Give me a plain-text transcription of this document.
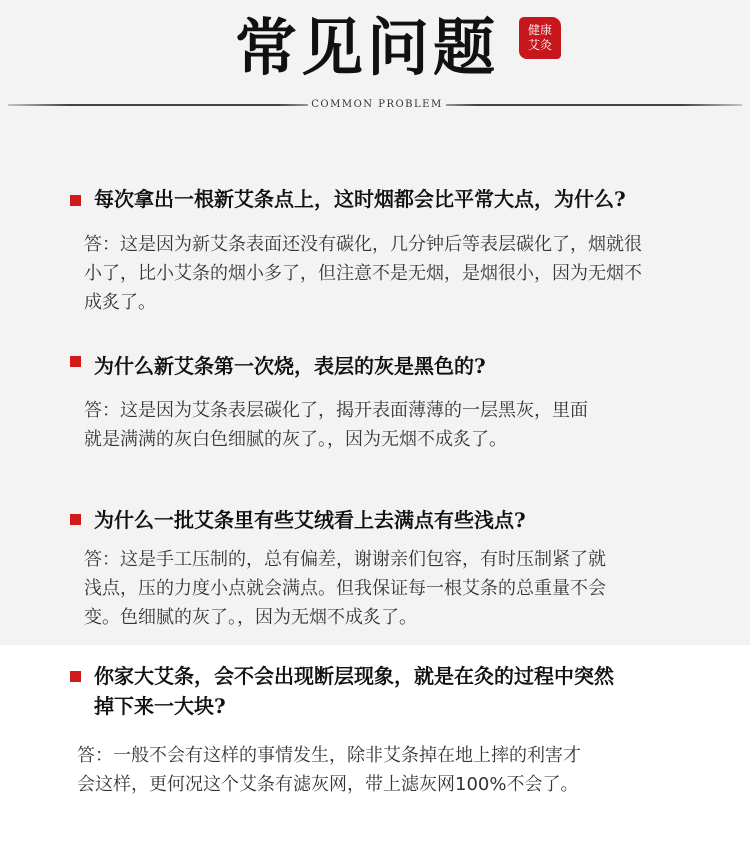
常见问题	健康
艾灸
COMMON PROBLEM
每次拿出一根新艾条点上，这时烟都会比平常大点，为什么?
答：这是因为新艾条表面还没有碳化，几分钟后等表层碳化了，烟就很
小了，比小艾条的烟小多了，但注意不是无烟，是烟很小，因为无烟不
成炙了。
为什么新艾条第一次烧，表层的灰是黑色的?
答：这是因为艾条表层碳化了，揭开表面薄薄的一层黑灰，里面
就是满满的灰白色细腻的灰了。，因为无烟不成炙了。
为什么一批艾条里有些艾绒看上去满点有些浅点?
答：这是手工压制的，总有偏差，谢谢亲们包容，有时压制紧了就
浅点，压的力度小点就会满点。但我保证每一根艾条的总重量不会
变。色细腻的灰了。，因为无烟不成炙了。
你家大艾条，会不会出现断层现象，就是在灸的过程中突然
掉下来一大块?
答：一般不会有这样的事情发生，除非艾条掉在地上摔的利害才
会这样，更何况这个艾条有滤灰网，带上滤灰网100%不会了。
